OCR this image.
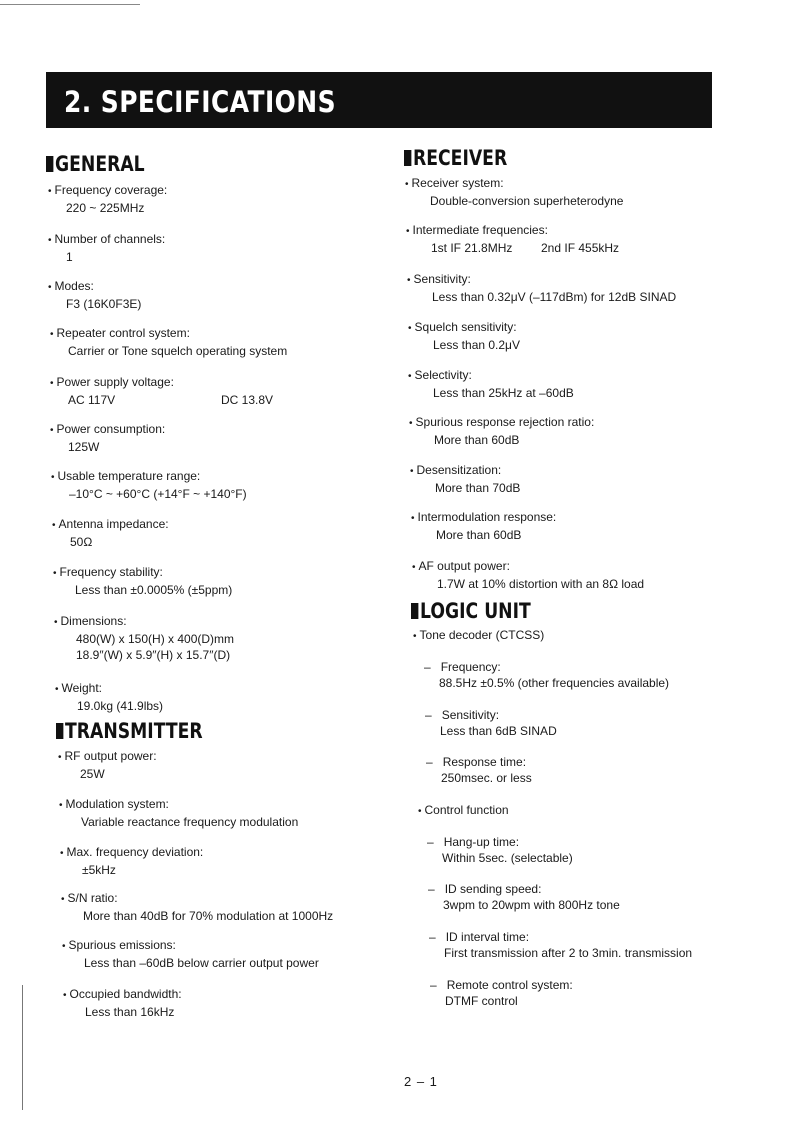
2. SPECIFICATIONS
GENERAL
• Frequency coverage:
220 ~ 225MHz
• Number of channels:
1
• Modes:
F3 (16K0F3E)
• Repeater control system:
Carrier or Tone squelch operating system
• Power supply voltage:
AC 117V	DC 13.8V
• Power consumption:
125W
• Usable temperature range:
–10°C ~ +60°C (+14°F ~ +140°F)
• Antenna impedance:
50Ω
• Frequency stability:
Less than ±0.0005% (±5ppm)
• Dimensions:
480(W) x 150(H) x 400(D)mm
18.9″(W) x 5.9″(H) x 15.7″(D)
• Weight:
19.0kg (41.9lbs)
TRANSMITTER
• RF output power:
25W
• Modulation system:
Variable reactance frequency modulation
• Max. frequency deviation:
±5kHz
• S/N ratio:
More than 40dB for 70% modulation at 1000Hz
• Spurious emissions:
Less than –60dB below carrier output power
• Occupied bandwidth:
Less than 16kHz
RECEIVER
• Receiver system:
Double-conversion superheterodyne
• Intermediate frequencies:
1st IF 21.8MHz 2nd IF 455kHz
• Sensitivity:
Less than 0.32μV (–117dBm) for 12dB SINAD
• Squelch sensitivity:
Less than 0.2μV
• Selectivity:
Less than 25kHz at –60dB
• Spurious response rejection ratio:
More than 60dB
• Desensitization:
More than 70dB
• Intermodulation response:
More than 60dB
• AF output power:
1.7W at 10% distortion with an 8Ω load
LOGIC UNIT
• Tone decoder (CTCSS)
– Frequency:
88.5Hz ±0.5% (other frequencies available)
– Sensitivity:
Less than 6dB SINAD
– Response time:
250msec. or less
• Control function
– Hang-up time:
Within 5sec. (selectable)
– ID sending speed:
3wpm to 20wpm with 800Hz tone
– ID interval time:
First transmission after 2 to 3min. transmission
– Remote control system:
DTMF control
2 – 1
